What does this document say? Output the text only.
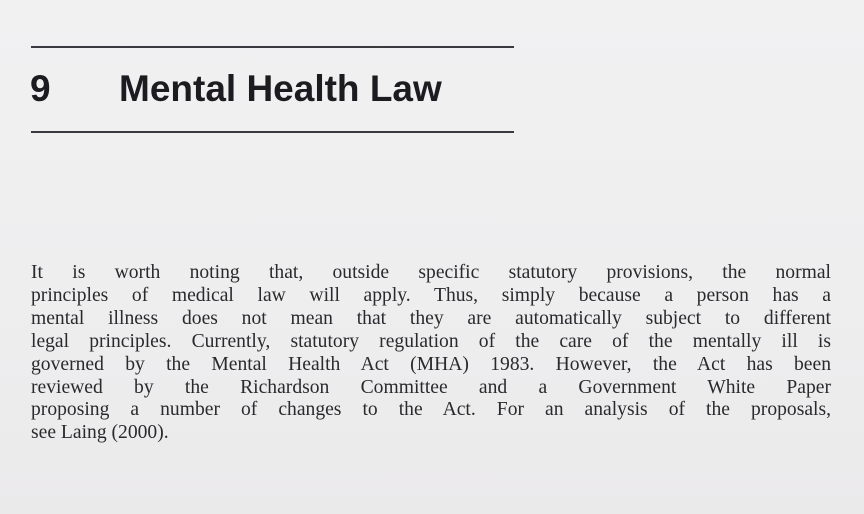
9 Mental Health Law
It is worth noting that, outside specific statutory provisions, the normal
principles of medical law will apply. Thus, simply because a person has a
mental illness does not mean that they are automatically subject to different
legal principles. Currently, statutory regulation of the care of the mentally ill is
governed by the Mental Health Act (MHA) 1983. However, the Act has been
reviewed by the Richardson Committee and a Government White Paper
proposing a number of changes to the Act. For an analysis of the proposals,
see Laing (2000).
